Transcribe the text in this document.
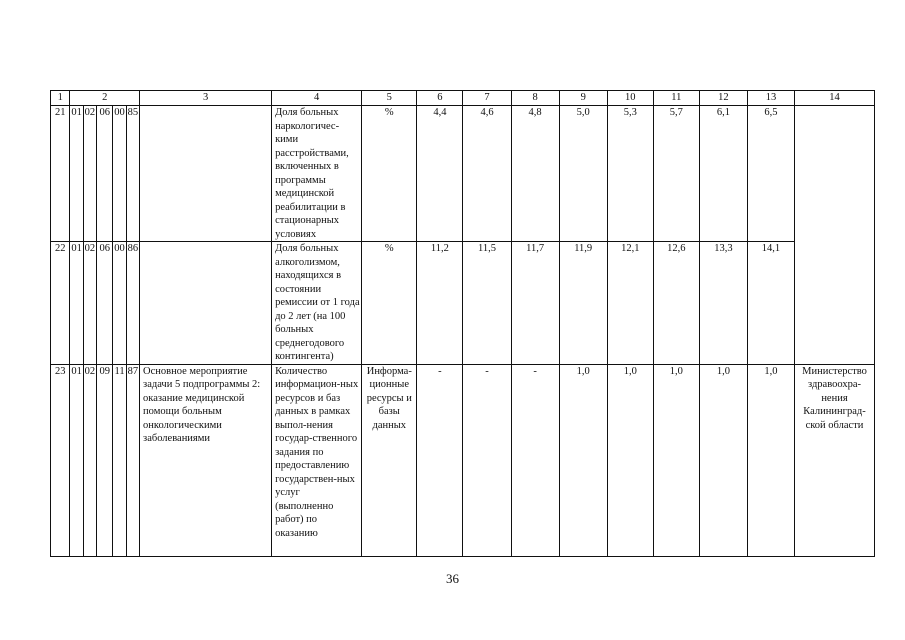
1	2					3	4	5	6	7	8	9	10	11	12	13	14
21	01	02	06	00	85		Доля больных наркологичес-кими расстройствами, включенных в программы медицинской реабилитации в стационарных условиях	%	4,4	4,6	4,8	5,0	5,3	5,7	6,1	6,5	
22	01	02	06	00	86		Доля больных алкоголизмом, находящихся в состоянии ремиссии от 1 года до 2 лет (на 100 больных среднегодового контингента)	%	11,2	11,5	11,7	11,9	12,1	12,6	13,3	14,1	
23	01	02	09	11	87	Основное мероприятие задачи 5 подпрограммы 2: оказание медицинской помощи больным онкологическими заболеваниями	Количество информацион-ных ресурсов и баз данных в рамках выпол-нения государ-ственного задания по предоставлению государствен-ных услуг (выполненно работ) по оказанию	Информа-ционные ресурсы и базы данных	-	-	-	1,0	1,0	1,0	1,0	1,0	Министерство здравоохра-нения Калининград-ской области
36
